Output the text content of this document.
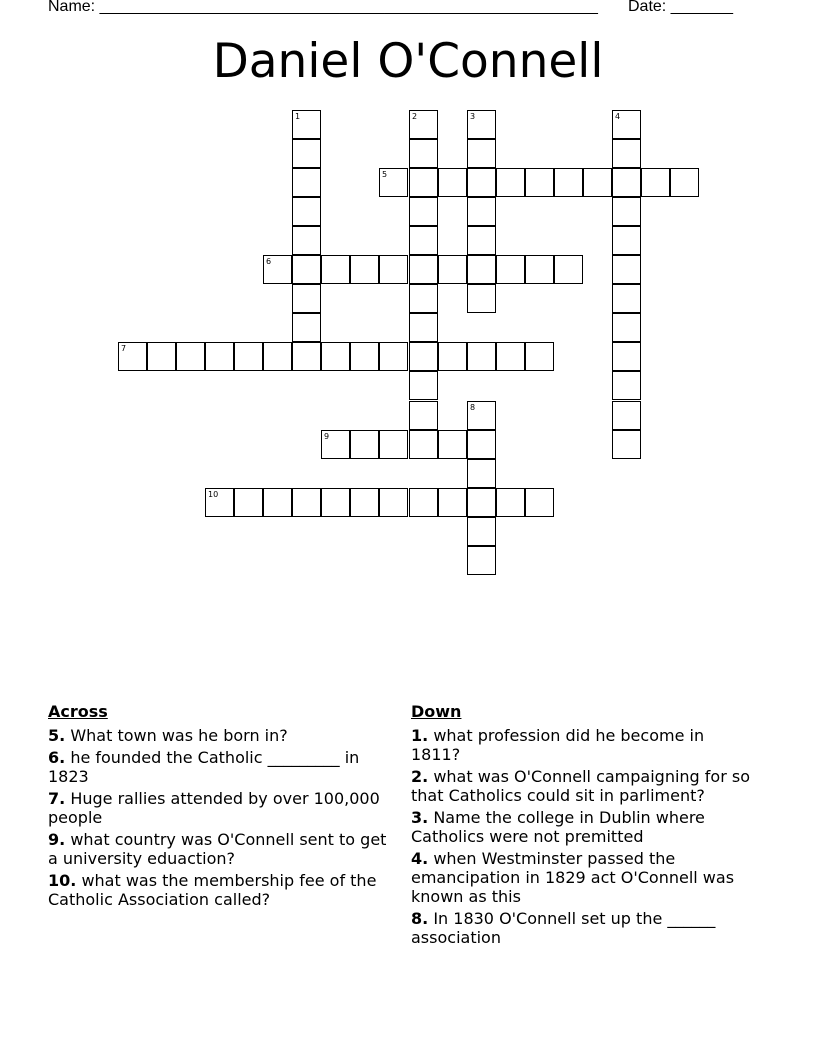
Name: ________________________________________________________ Date: _______
Daniel O'Connell
1	2	3	4
5
6
7
8
9
10
Across
5. What town was he born in?
6. he founded the Catholic _________ in 1823
7. Huge rallies attended by over 100,000 people
9. what country was O'Connell sent to get a university eduaction?
10. what was the membership fee of the Catholic Association called?
Down
1. what profession did he become in 1811?
2. what was O'Connell campaigning for so that Catholics could sit in parliment?
3. Name the college in Dublin where Catholics were not premitted
4. when Westminster passed the emancipation in 1829 act O'Connell was known as this
8. In 1830 O'Connell set up the ______ association
